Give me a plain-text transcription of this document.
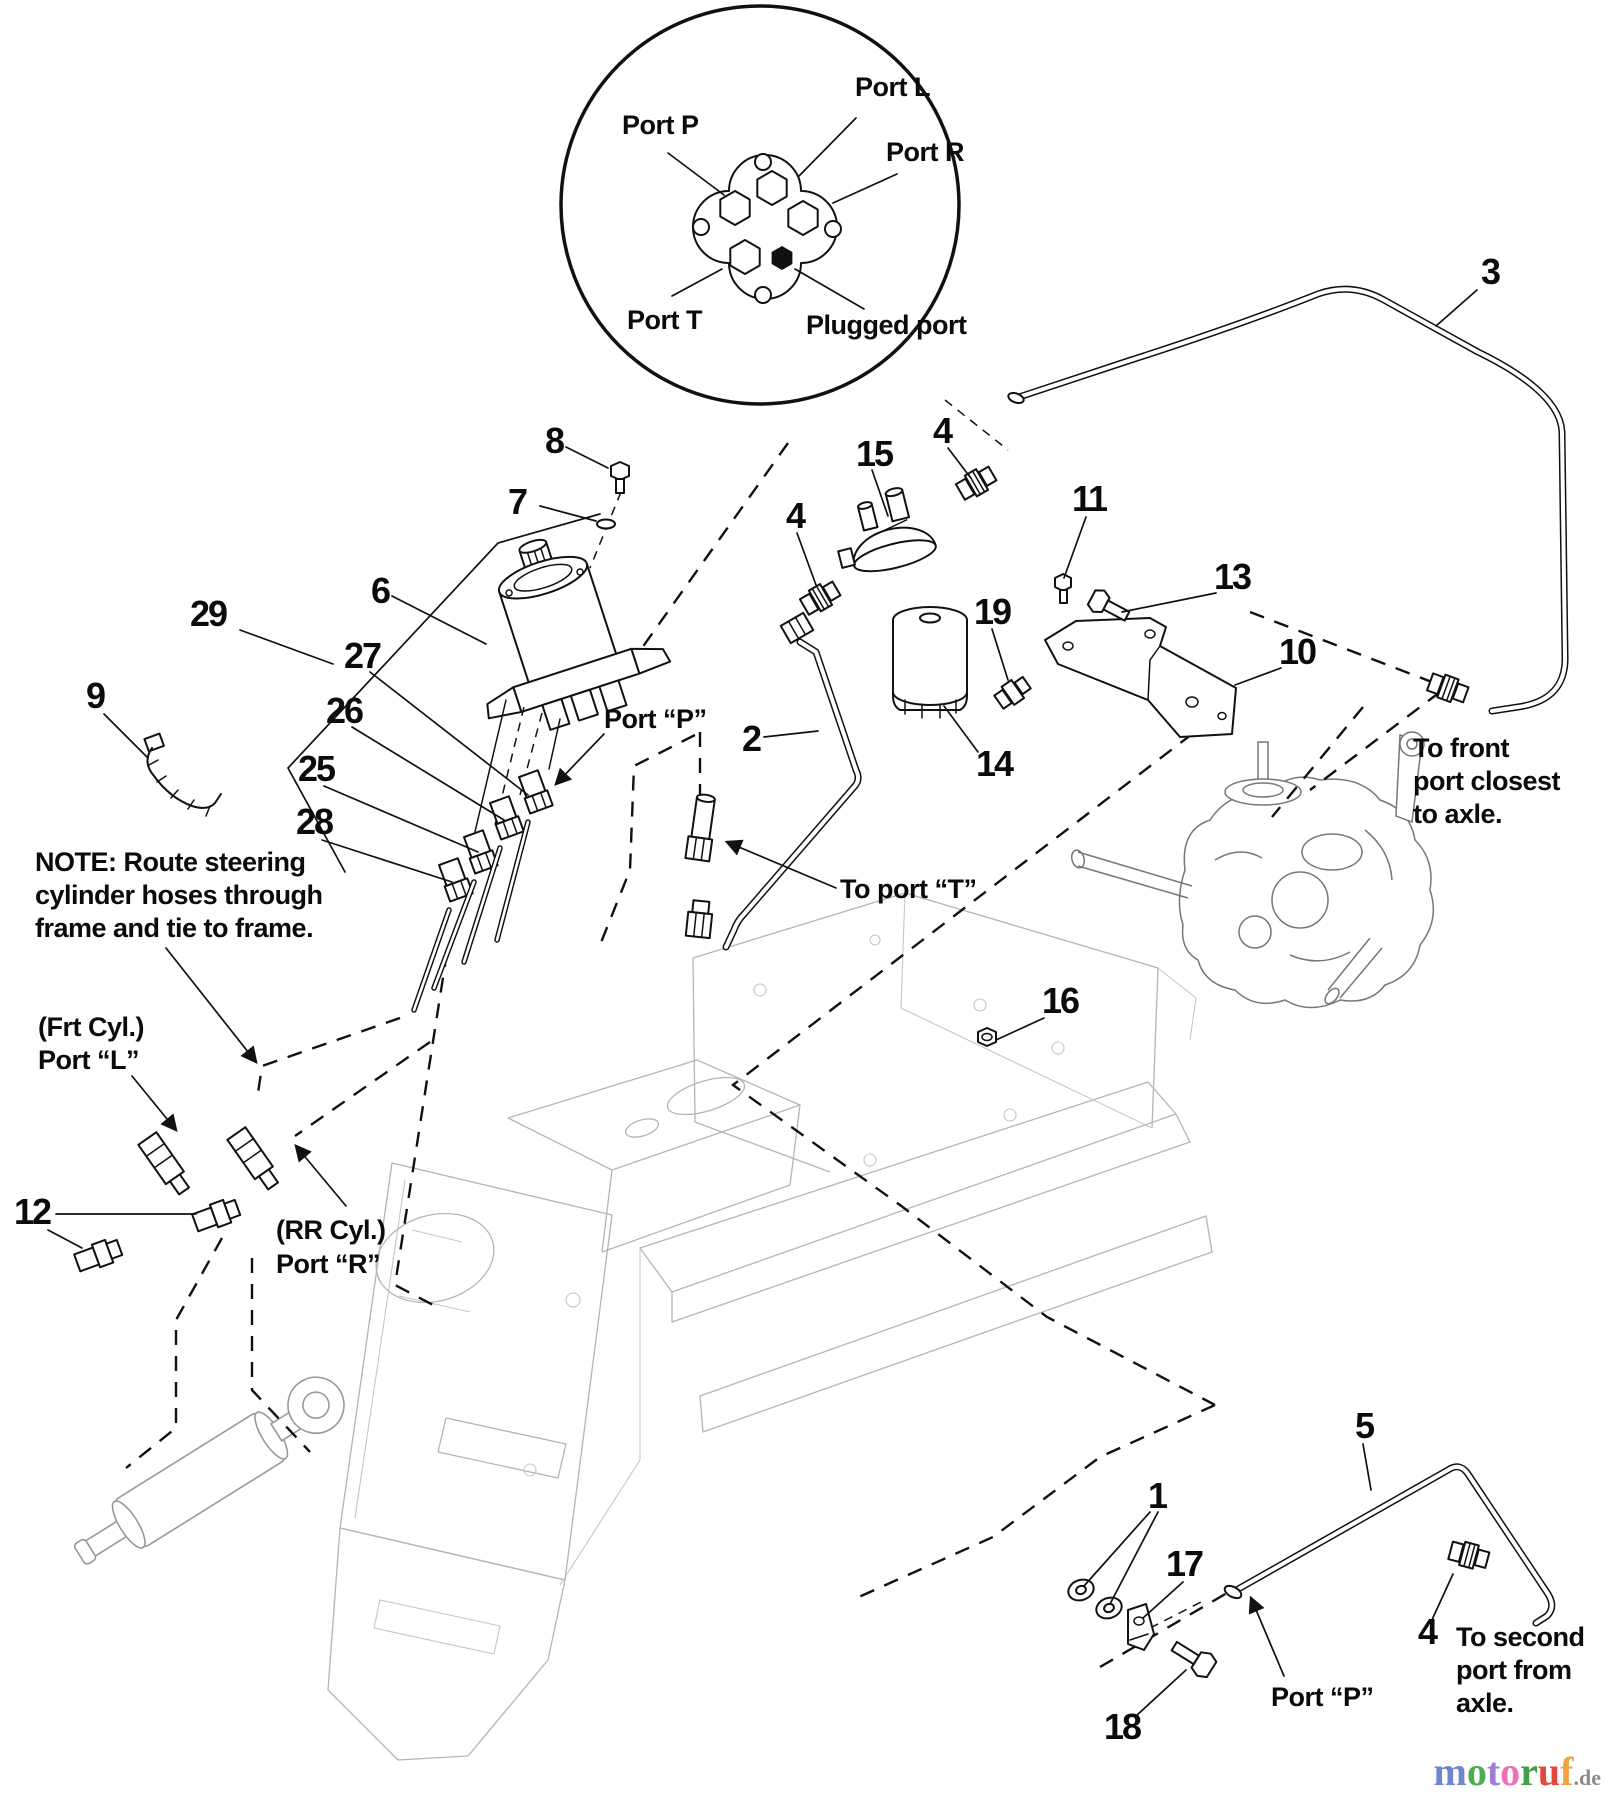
Port P
Port L
Port R
Port T	Plugged port
8
7
6
29
9
27
26
25
28
15
4
4
11
13
19
10
14
3
2
16
12
1
17
18
5
4
NOTE: Route steering
cylinder hoses through
frame and tie to frame.
(Frt Cyl.)
Port “L”
(RR Cyl.)
Port “R”
Port “P”
To port “T”
To front
port closest
to axle.
To second
port from
axle.
Port “P”
motoruf.de
